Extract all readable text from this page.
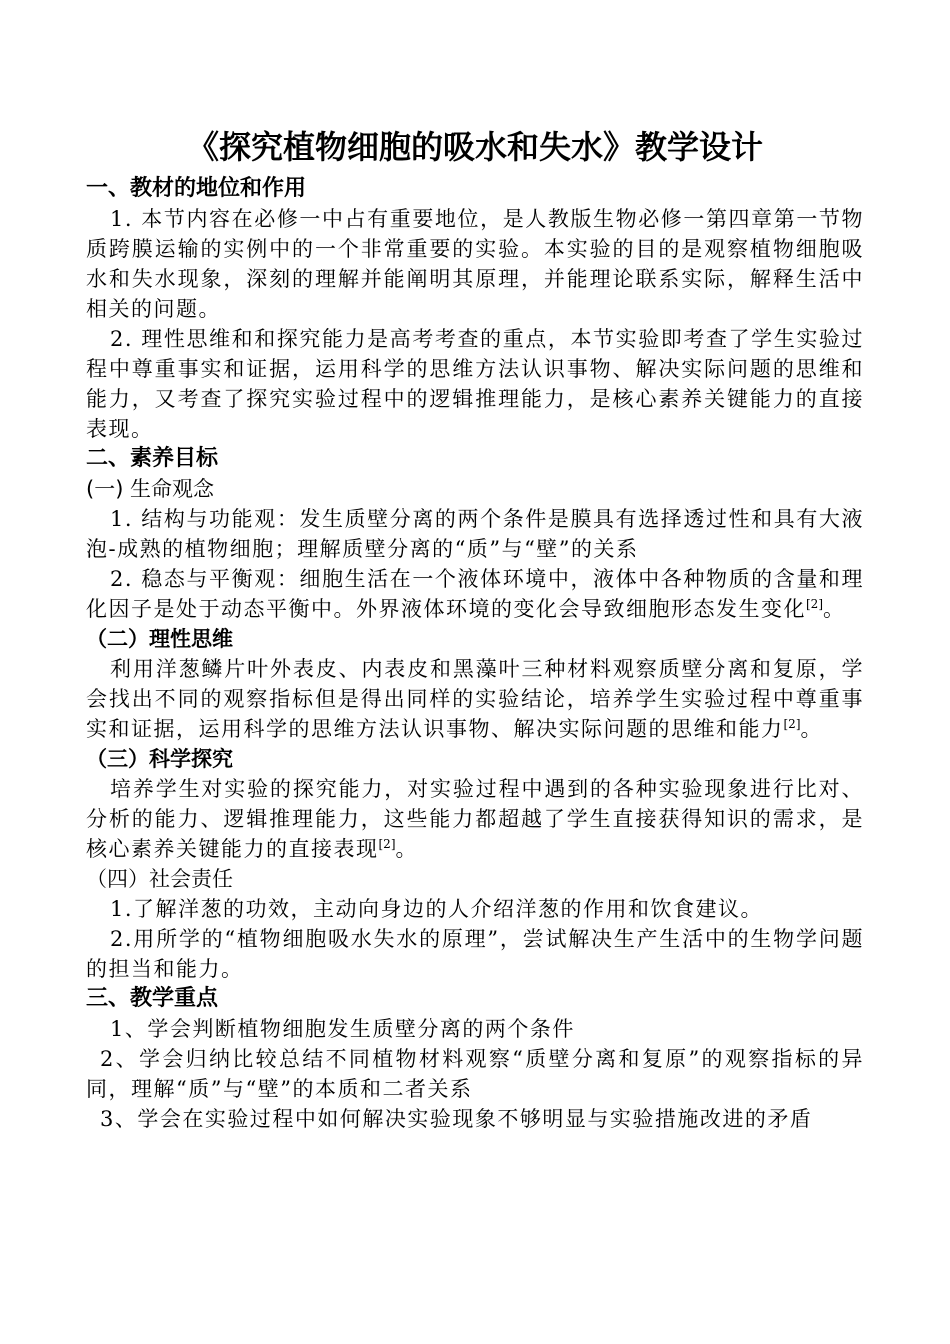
《探究植物细胞的吸水和失水》教学设计
一、教材的地位和作用

1. 本节内容在必修一中占有重要地位，是人教版生物必修一第四章第一节物质跨膜运输的实例中的一个非常重要的实验。本实验的目的是观察植物细胞吸水和失水现象，深刻的理解并能阐明其原理，并能理论联系实际，解释生活中相关的问题。

2. 理性思维和和探究能力是高考考查的重点，本节实验即考查了学生实验过程中尊重事实和证据，运用科学的思维方法认识事物、解决实际问题的思维和能力，又考查了探究实验过程中的逻辑推理能力，是核心素养关键能力的直接表现。

二、素养目标
(一) 生命观念

1. 结构与功能观：发生质壁分离的两个条件是膜具有选择透过性和具有大液泡-成熟的植物细胞；理解质壁分离的“质”与“壁”的关系

2. 稳态与平衡观：细胞生活在一个液体环境中，液体中各种物质的含量和理化因子是处于动态平衡中。外界液体环境的变化会导致细胞形态发生变化[2]。

（二）理性思维

利用洋葱鳞片叶外表皮、内表皮和黑藻叶三种材料观察质壁分离和复原，学会找出不同的观察指标但是得出同样的实验结论，培养学生实验过程中尊重事实和证据，运用科学的思维方法认识事物、解决实际问题的思维和能力[2]。

（三）科学探究

培养学生对实验的探究能力，对实验过程中遇到的各种实验现象进行比对、分析的能力、逻辑推理能力，这些能力都超越了学生直接获得知识的需求，是核心素养关键能力的直接表现[2]。

（四）社会责任

1.了解洋葱的功效，主动向身边的人介绍洋葱的作用和饮食建议。

2.用所学的“植物细胞吸水失水的原理”，尝试解决生产生活中的生物学问题的担当和能力。

三、教学重点

1、学会判断植物细胞发生质壁分离的两个条件

2、学会归纳比较总结不同植物材料观察“质壁分离和复原”的观察指标的异同，理解“质”与“壁”的本质和二者关系

3、学会在实验过程中如何解决实验现象不够明显与实验措施改进的矛盾
